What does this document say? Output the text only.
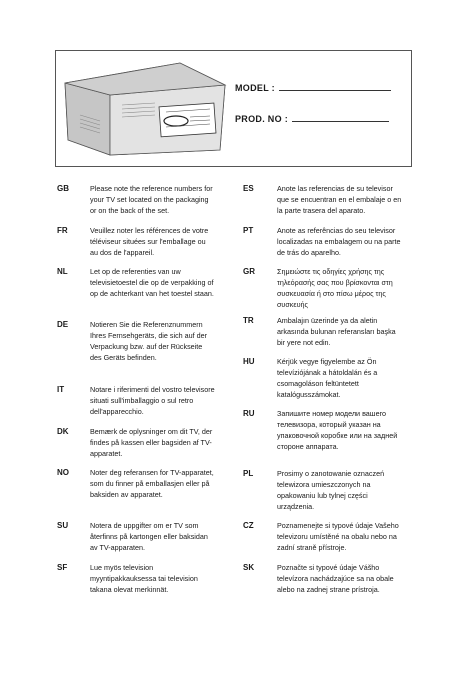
MODEL :
PROD. NO :
GB	Please note the reference numbers for your TV set located on the packaging or on the back of the set.
FR	Veuillez noter les références de votre téléviseur situées sur l'emballage ou au dos de l'appareil.
NL	Let op de referenties van uw televisietoestel die op de verpakking of op de achterkant van het toestel staan.
DE	Notieren Sie die Referenznummern Ihres Fernsehgeräts, die sich auf der Verpackung bzw. auf der Rückseite des Geräts befinden.
IT	Notare i riferimenti del vostro televisore situati sull'imballaggio o sul retro dell'apparecchio.
DK	Bemærk de oplysninger om dit TV, der findes på kassen eller bagsiden af TV-apparatet.
NO	Noter deg referansen for TV-apparatet, som du finner på emballasjen eller på baksiden av apparatet.
SU	Notera de uppgifter om er TV som återfinns på kartongen eller baksidan av TV-apparaten.
SF	Lue myös television myyntipakkauksessa tai television takana olevat merkinnät.
ES	Anote las referencias de su televisor que se encuentran en el embalaje o en la parte trasera del aparato.
PT	Anote as referências do seu televisor localizadas na embalagem ou na parte de trás do aparelho.
GR	Σημειώστε τις οδηγίες χρήσης της τηλεόρασής σας που βρίσκονται στη συσκευασία ή στο πίσω μέρος της συσκευής
TR	Ambalajın üzerinde ya da aletin arkasında bulunan referansları başka bir yere not edin.
HU	Kérjük vegye figyelembe az Ön televíziójának a hátoldalán és a csomagoláson feltüntetett katalógusszámokat.
RU	Запишите номер модели вашего телевизора, который указан на упаковочной коробке или на задней стороне аппарата.
PL	Prosimy o zanotowanie oznaczeń telewizora umieszczonych na opakowaniu lub tylnej części urządzenia.
CZ	Poznamenejte si typové údaje Vašeho televizoru umístěné na obalu nebo na zadní straně přístroje.
SK	Poznačte si typové údaje Vášho televízora nachádzajúce sa na obale alebo na zadnej strane prístroja.
